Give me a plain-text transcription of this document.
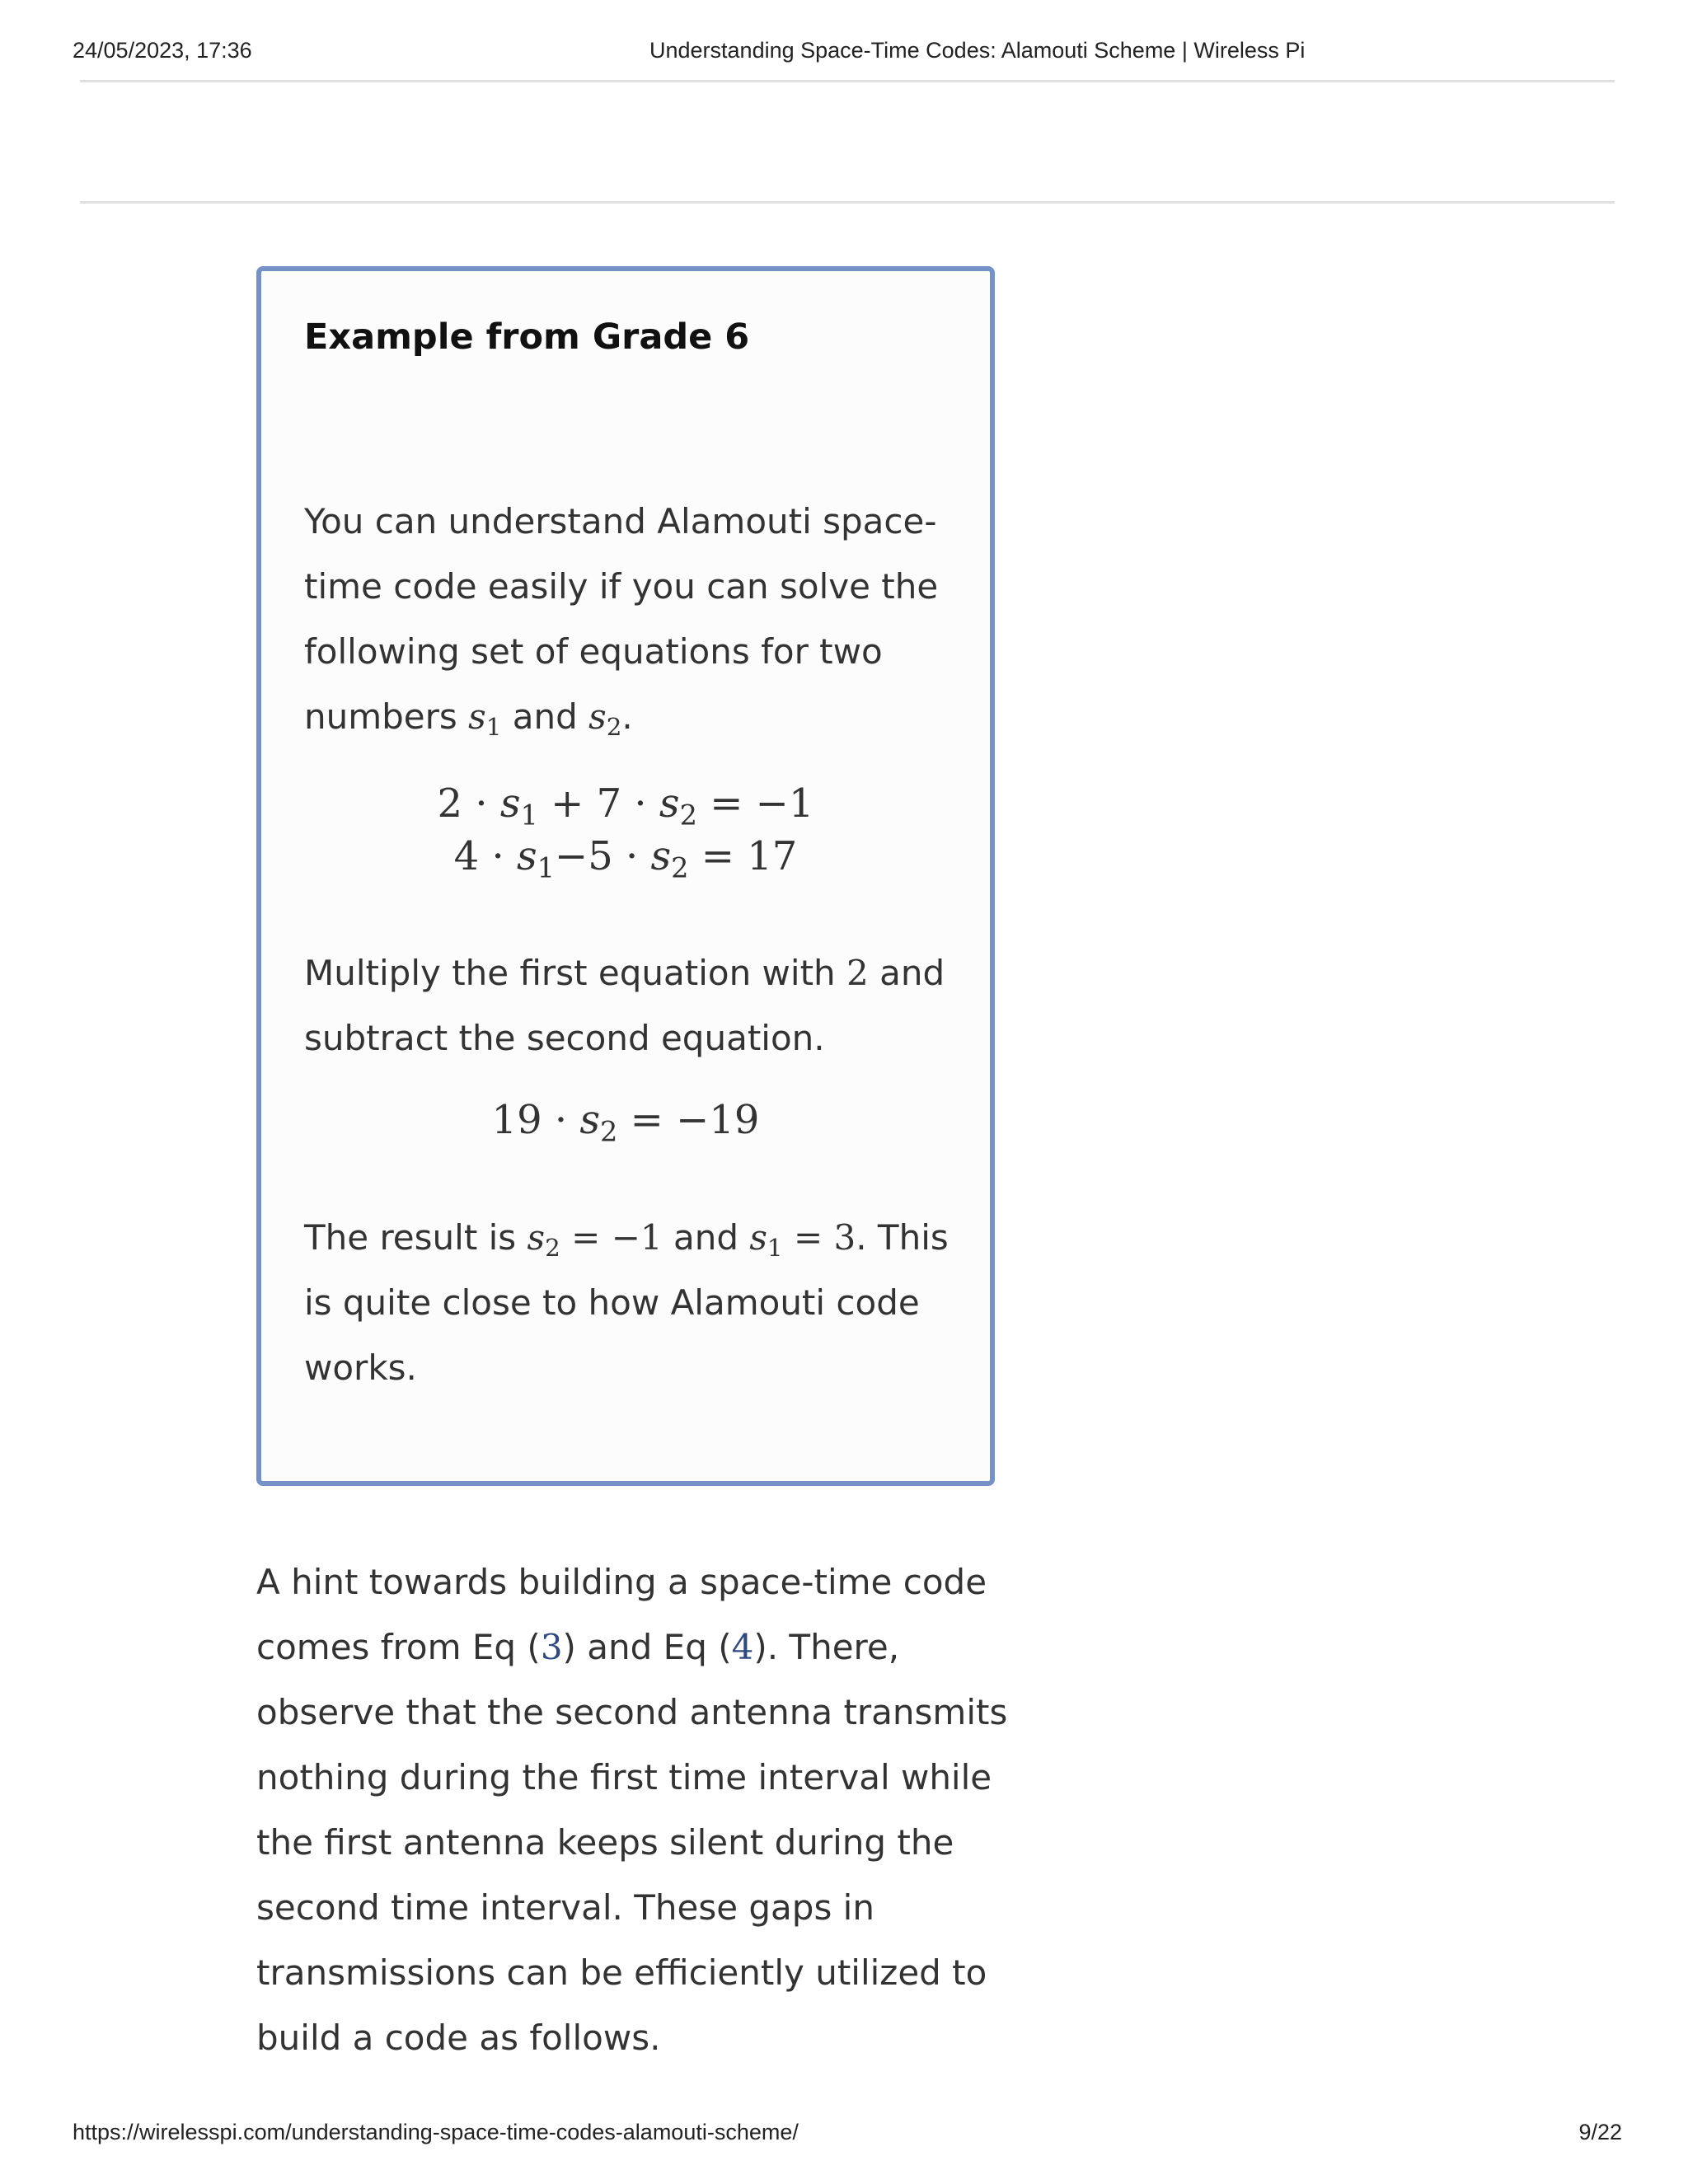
24/05/2023, 17:36	Understanding Space-Time Codes: Alamouti Scheme | Wireless Pi
Example from Grade 6

You can understand Alamouti space-time code easily if you can solve the following set of equations for two numbers $s_1$ and $s_2$.

$2 \cdot s_1 + 7 \cdot s_2 = -1$
$4 \cdot s_1-5 \cdot s_2 = 17$

Multiply the first equation with 2 and subtract the second equation.

$19 \cdot s_2 = -19$

The result is $s_2 = -1$ and $s_1 = 3$. This is quite close to how Alamouti code works.

A hint towards building a space-time code comes from Eq (3) and Eq (4). There, observe that the second antenna transmits nothing during the first time interval while the first antenna keeps silent during the second time interval. These gaps in transmissions can be efficiently utilized to build a code as follows.

https://wirelesspi.com/understanding-space-time-codes-alamouti-scheme/	9/22
